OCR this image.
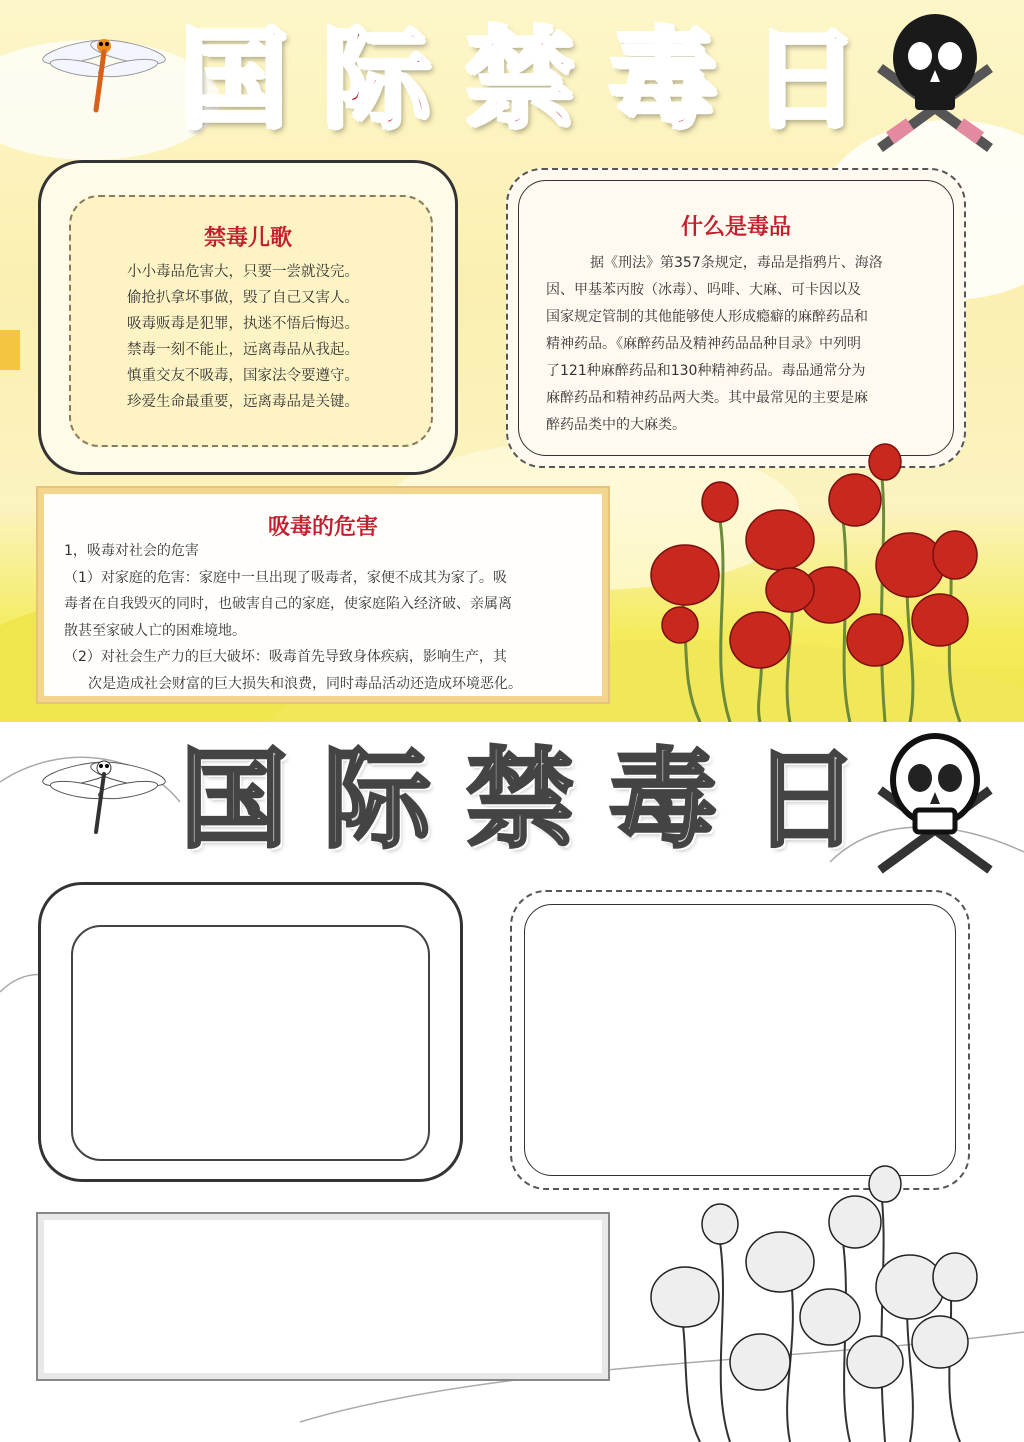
国 际 禁 毒 日
禁毒儿歌
小小毒品危害大，只要一尝就没完。
偷抢扒拿坏事做，毁了自己又害人。
吸毒贩毒是犯罪，执迷不悟后悔迟。
禁毒一刻不能止，远离毒品从我起。
慎重交友不吸毒，国家法令要遵守。
珍爱生命最重要，远离毒品是关键。
什么是毒品
据《刑法》第357条规定，毒品是指鸦片、海洛
因、甲基苯丙胺（冰毒）、吗啡、大麻、可卡因以及
国家规定管制的其他能够使人形成瘾癖的麻醉药品和
精神药品。《麻醉药品及精神药品品种目录》中列明
了121种麻醉药品和130种精神药品。毒品通常分为
麻醉药品和精神药品两大类。其中最常见的主要是麻
醉药品类中的大麻类。
吸毒的危害
1，吸毒对社会的危害
（1）对家庭的危害：家庭中一旦出现了吸毒者，家便不成其为家了。吸
毒者在自我毁灭的同时，也破害自己的家庭，使家庭陷入经济破、亲属离
散甚至家破人亡的困难境地。
（2）对社会生产力的巨大破坏：吸毒首先导致身体疾病，影响生产，其
次是造成社会财富的巨大损失和浪费，同时毒品活动还造成环境恶化。
国 际 禁 毒 日
